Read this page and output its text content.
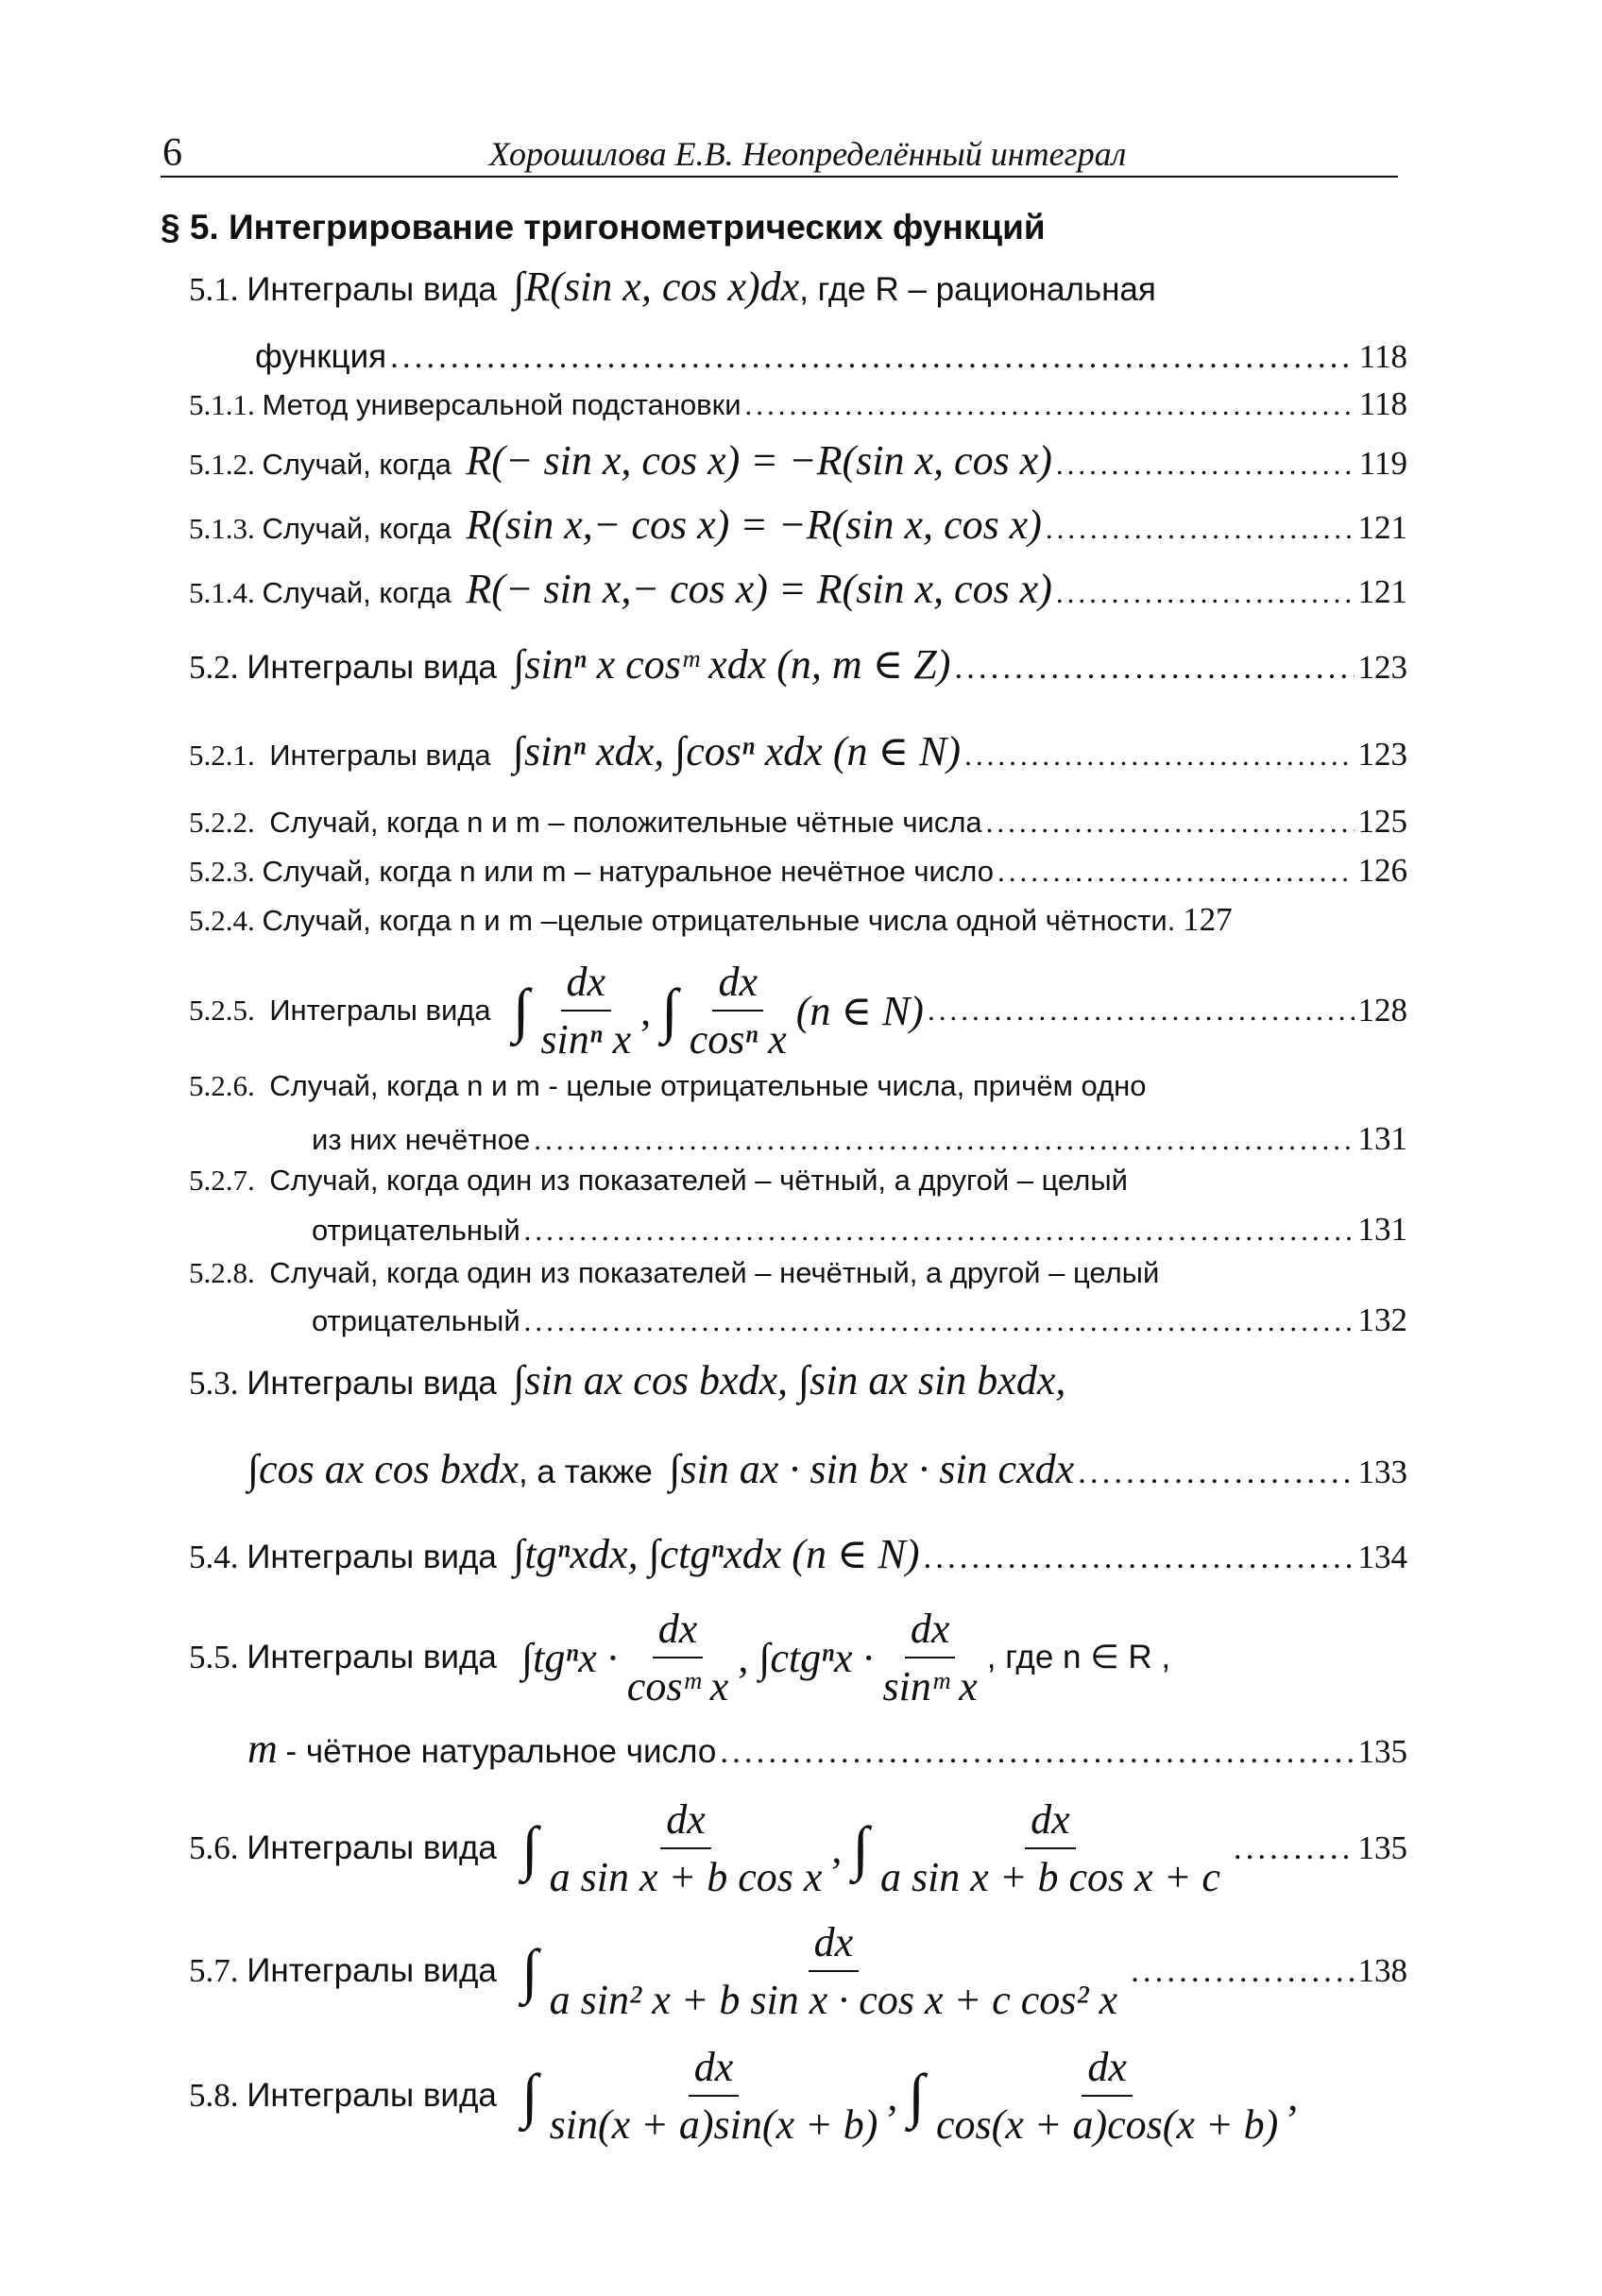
6	Хорошилова Е.В. Неопределённый интеграл
§ 5. Интегрирование тригонометрических функций
5.1.
Интегралы вида
∫R(sin x, cos x)dx , где R – рациональная
функция .....	118
5.1.1.
Метод универсальной подстановки .....	118
5.1.2.
Случай, когда
R(− sin x, cos x) = −R(sin x, cos x) .....	119
5.1.3.
Случай, когда
R(sin x,− cos x) = −R(sin x, cos x) .....	121
5.1.4.
Случай, когда
R(− sin x,− cos x) = R(sin x, cos x) .....	121
5.2.
Интегралы вида
∫sinⁿ x cosᵐ xdx (n, m ∈ Z) .....	123
5.2.1.
Интегралы вида
∫sinⁿ xdx, ∫cosⁿ xdx (n ∈ N) .....	123
5.2.2.
Случай, когда n и m – положительные чётные числа .....	125
5.2.3.
Случай, когда n или m – натуральное нечётное число .....	126
5.2.4.
Случай, когда n и m –целые отрицательные числа одной чётности.
127
5.2.5.
Интегралы вида
∫ $\frac{dx}{\text{sinⁿ x}}$ , ∫ $\frac{dx}{\text{cosⁿ x}} (n$ ∈ N) .....	128
5.2.6.
Случай, когда n и m - целые отрицательные числа, причём одно
из них нечётное .....	131
5.2.7.
Случай, когда один из показателей – чётный, а другой – целый
отрицательный .....	131
5.2.8.
Случай, когда один из показателей – нечётный, а другой – целый
отрицательный .....	132
5.3.
Интегралы вида
∫sin ax cos bxdx, ∫sin ax sin bxdx,
∫cos ax cos bxdx , а также
∫sin ax · sin bx · sin cxdx .....	133
5.4.
Интегралы вида
∫tgⁿxdx, ∫ctgⁿxdx (n ∈ N) .....	134
5.5.
Интегралы вида
$\int tg^nx \cdot \frac{dx}{\text{cosᵐ x}}$ , $\int ctg^nx \cdot \frac{dx}{\text{sinᵐ x}}$ , где n ∈ R ,
m
- чётное натуральное число .....	135
5.6.
Интегралы вида
∫ $\frac{dx}{\text{a sin x + b cos x}}$ , ∫ $\frac{dx}{\text{a sin x + b cos x + c}}$ .....	135
5.7.
Интегралы вида
∫ $\frac{dx}{\text{a sin² x + b sin x · cos x + c cos² x}}$ .....	138
5.8.
Интегралы вида
∫ $\frac{dx}{\sin(x + a)\sin(x + b)}$ , ∫ $\frac{dx}{\cos(x + a)\cos(x + b)}$ ,
